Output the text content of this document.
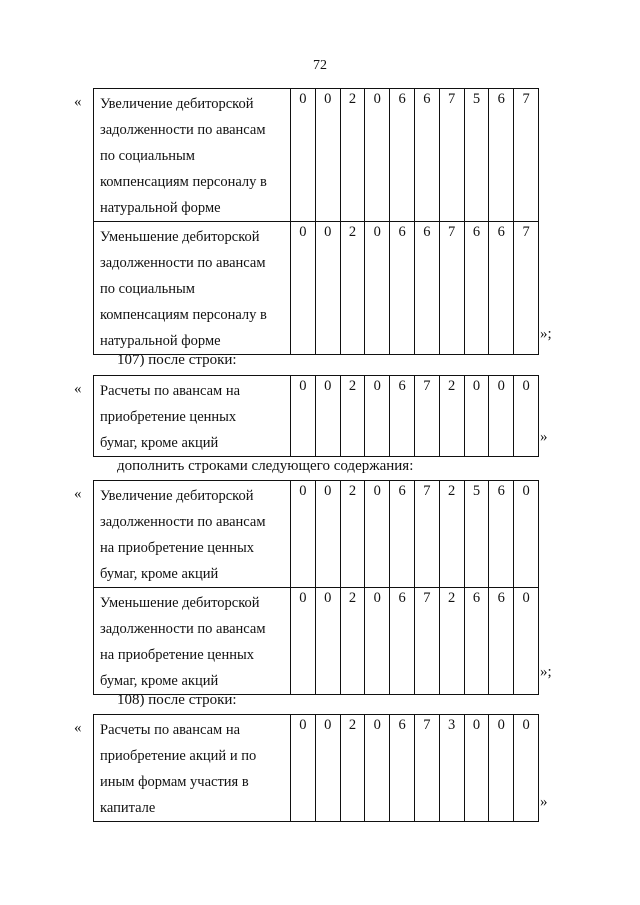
72
« Увеличение дебиторской
задолженности по авансам
по социальным
компенсациям персоналу в
натуральной форме	0	0	2	0	6	6	7	5	6	7

Уменьшение дебиторской
задолженности по авансам
по социальным
компенсациям персоналу в
натуральной форме	0	0	2	0	6	6	7	6	6	7
»;
107) после строки:
« Расчеты по авансам на
приобретение ценных
бумаг, кроме акций
	0	0	2	0	6	7	2	0	0	0
»
дополнить строками следующего содержания:
« Увеличение дебиторской
задолженности по авансам
на приобретение ценных
бумаг, кроме акций	0	0	2	0	6	7	2	5	6	0

Уменьшение дебиторской
задолженности по авансам
на приобретение ценных
бумаг, кроме акций	0	0	2	0	6	7	2	6	6	0
»;
108) после строки:
« Расчеты по авансам на
приобретение акций и по
иным формам участия в
капитале
	0	0	2	0	6	7	3	0	0	0
»
